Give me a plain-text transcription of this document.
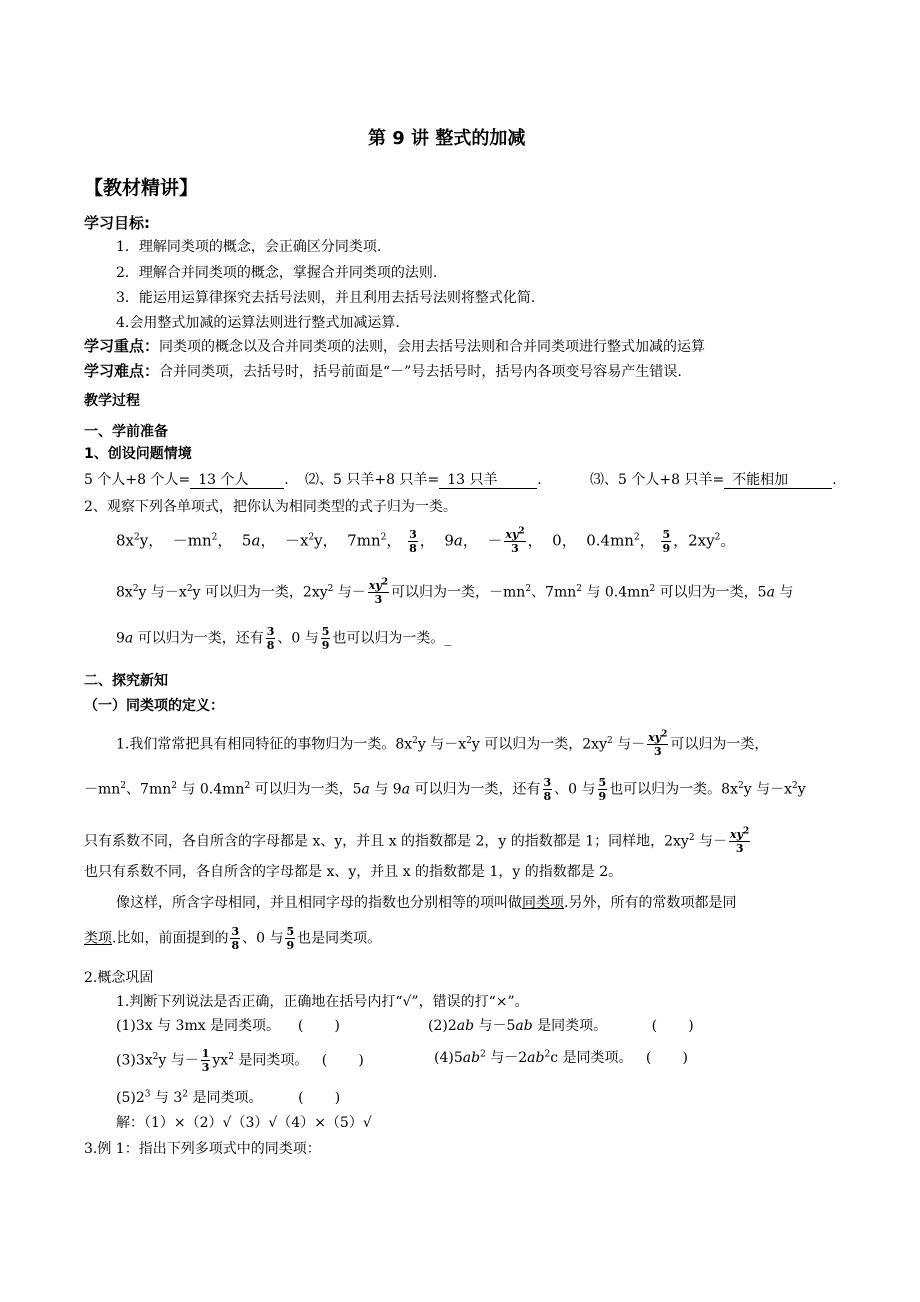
第 9 讲 整式的加减
【教材精讲】
学习目标:
1．理解同类项的概念，会正确区分同类项.
2．理解合并同类项的概念，掌握合并同类项的法则.
3．能运用运算律探究去括号法则，并且利用去括号法则将整式化简.
4.会用整式加减的运算法则进行整式加减运算.
学习重点：同类项的概念以及合并同类项的法则，会用去括号法则和合并同类项进行整式加减的运算
学习难点：合并同类项，去括号时，括号前面是“－”号去括号时，括号内各项变号容易产生错误.
教学过程
一、学前准备
1、创设问题情境
5 个人+8 个人= 13 个人	. ⑵、5 只羊+8 只羊= 13 只羊	.	⑶、5 个人+8 只羊= 不能相加	.
2、观察下列各单项式，把你认为相同类型的式子归为一类。
$8x^2y$，  $-mn^2$，  5a，  $-x^2y$，  $7mn^2$， $\frac{3}{8}$ ，  9a，  － $\frac{xy^2}{3}$ ，  0，  $0.4mn^2$， $\frac{5}{9}$ ，$2xy^2$。
$8x^2y$ 与$-x^2y$ 可以归为一类，$2xy^2$ 与－ $\frac{xy^2}{3}$ 可以归为一类，$-mn^2$、$7mn^2$ 与 $0.4mn^2$ 可以归为一类，5a 与
9a 可以归为一类，还有 $\frac{3}{8}$ 、0 与 $\frac{5}{9}$ 也可以归为一类。_
二、探究新知
（一）同类项的定义：
1.我们常常把具有相同特征的事物归为一类。$8x^2y$ 与$-x^2y$ 可以归为一类，$2xy^2$ 与－ $\frac{xy^2}{3}$ 可以归为一类，
$-mn^2$、$7mn^2$ 与 $0.4mn^2$ 可以归为一类，5a 与 9a 可以归为一类，还有 $\frac{3}{8}$ 、0 与 $\frac{5}{9}$ 也可以归为一类。$8x^2y$ 与$-x^2y$
只有系数不同，各自所含的字母都是 x、y，并且 x 的指数都是 2，y 的指数都是 1；同样地，$2xy^2$ 与－ $\frac{xy^2}{3}$
也只有系数不同，各自所含的字母都是 x、y，并且 x 的指数都是 1，y 的指数都是 2。
像这样，所含字母相同，并且相同字母的指数也分别相等的项叫做同类项.另外，所有的常数项都是同
类项.比如，前面提到的 $\frac{3}{8}$ 、0 与 $\frac{5}{9}$ 也是同类项。
2.概念巩固
1.判断下列说法是否正确，正确地在括号内打“√”，错误的打“×”。
(1)3x 与 3mx 是同类项。    (       )	(2)2ab 与－5ab 是同类项。          (       )
$(3)3x^2y$ 与－ $\frac{1}{3} yx^2$ 是同类项。   (       )	$(4)5ab^2$ 与$-2ab^2c$ 是同类项。   (       )
$(5)2^3$ 与 $3^2$ 是同类项。        (       )
解：（1）×（2）√（3）√（4）×（5）√
3.例 1：指出下列多项式中的同类项：
